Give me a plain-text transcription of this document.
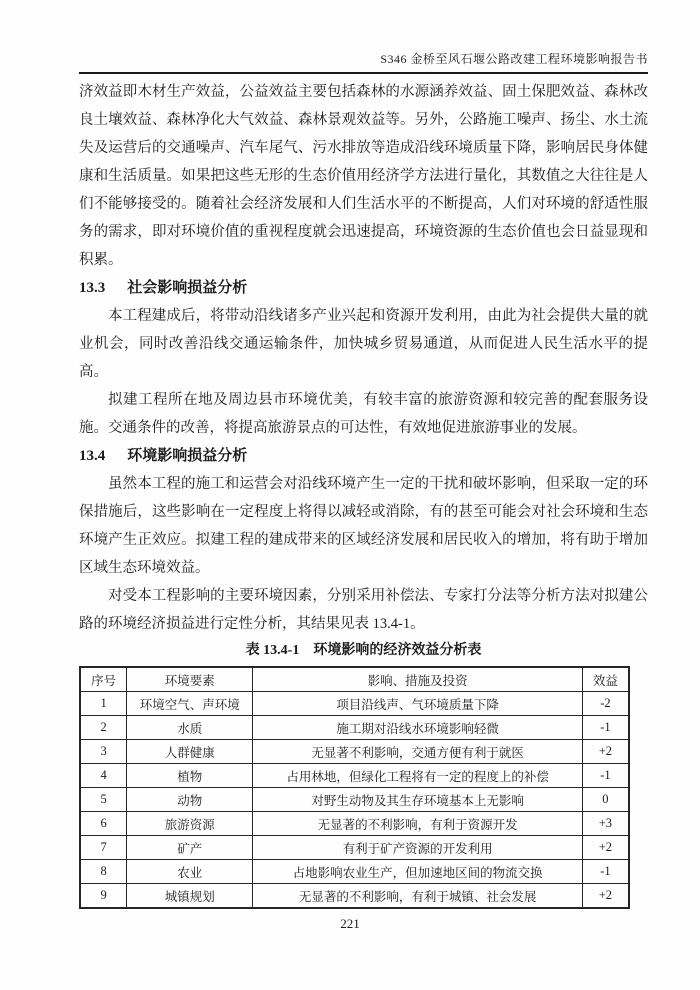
S346 金桥至风石堰公路改建工程环境影响报告书

济效益即木材生产效益，公益效益主要包括森林的水源涵养效益、固土保肥效益、森林改良土壤效益、森林净化大气效益、森林景观效益等。另外，公路施工噪声、扬尘、水土流失及运营后的交通噪声、汽车尾气、污水排放等造成沿线环境质量下降，影响居民身体健康和生活质量。如果把这些无形的生态价值用经济学方法进行量化，其数值之大往往是人们不能够接受的。随着社会经济发展和人们生活水平的不断提高，人们对环境的舒适性服务的需求，即对环境价值的重视程度就会迅速提高，环境资源的生态价值也会日益显现和积累。

13.3 社会影响损益分析

本工程建成后，将带动沿线诸多产业兴起和资源开发利用，由此为社会提供大量的就业机会，同时改善沿线交通运输条件，加快城乡贸易通道，从而促进人民生活水平的提高。

拟建工程所在地及周边县市环境优美，有较丰富的旅游资源和较完善的配套服务设施。交通条件的改善，将提高旅游景点的可达性，有效地促进旅游事业的发展。

13.4 环境影响损益分析

虽然本工程的施工和运营会对沿线环境产生一定的干扰和破坏影响，但采取一定的环保措施后，这些影响在一定程度上将得以减轻或消除，有的甚至可能会对社会环境和生态环境产生正效应。拟建工程的建成带来的区域经济发展和居民收入的增加，将有助于增加区域生态环境效益。

对受本工程影响的主要环境因素，分别采用补偿法、专家打分法等分析方法对拟建公路的环境经济损益进行定性分析，其结果见表 13.4-1。

表 13.4-1 环境影响的经济效益分析表
序号	环境要素	影响、措施及投资	效益
1	环境空气、声环境	项目沿线声、气环境质量下降	-2
2	水质	施工期对沿线水环境影响轻微	-1
3	人群健康	无显著不利影响，交通方便有利于就医	+2
4	植物	占用林地，但绿化工程将有一定的程度上的补偿	-1
5	动物	对野生动物及其生存环境基本上无影响	0
6	旅游资源	无显著的不利影响，有利于资源开发	+3
7	矿产	有利于矿产资源的开发利用	+2
8	农业	占地影响农业生产，但加速地区间的物流交换	-1
9	城镇规划	无显著的不利影响，有利于城镇、社会发展	+2
221
